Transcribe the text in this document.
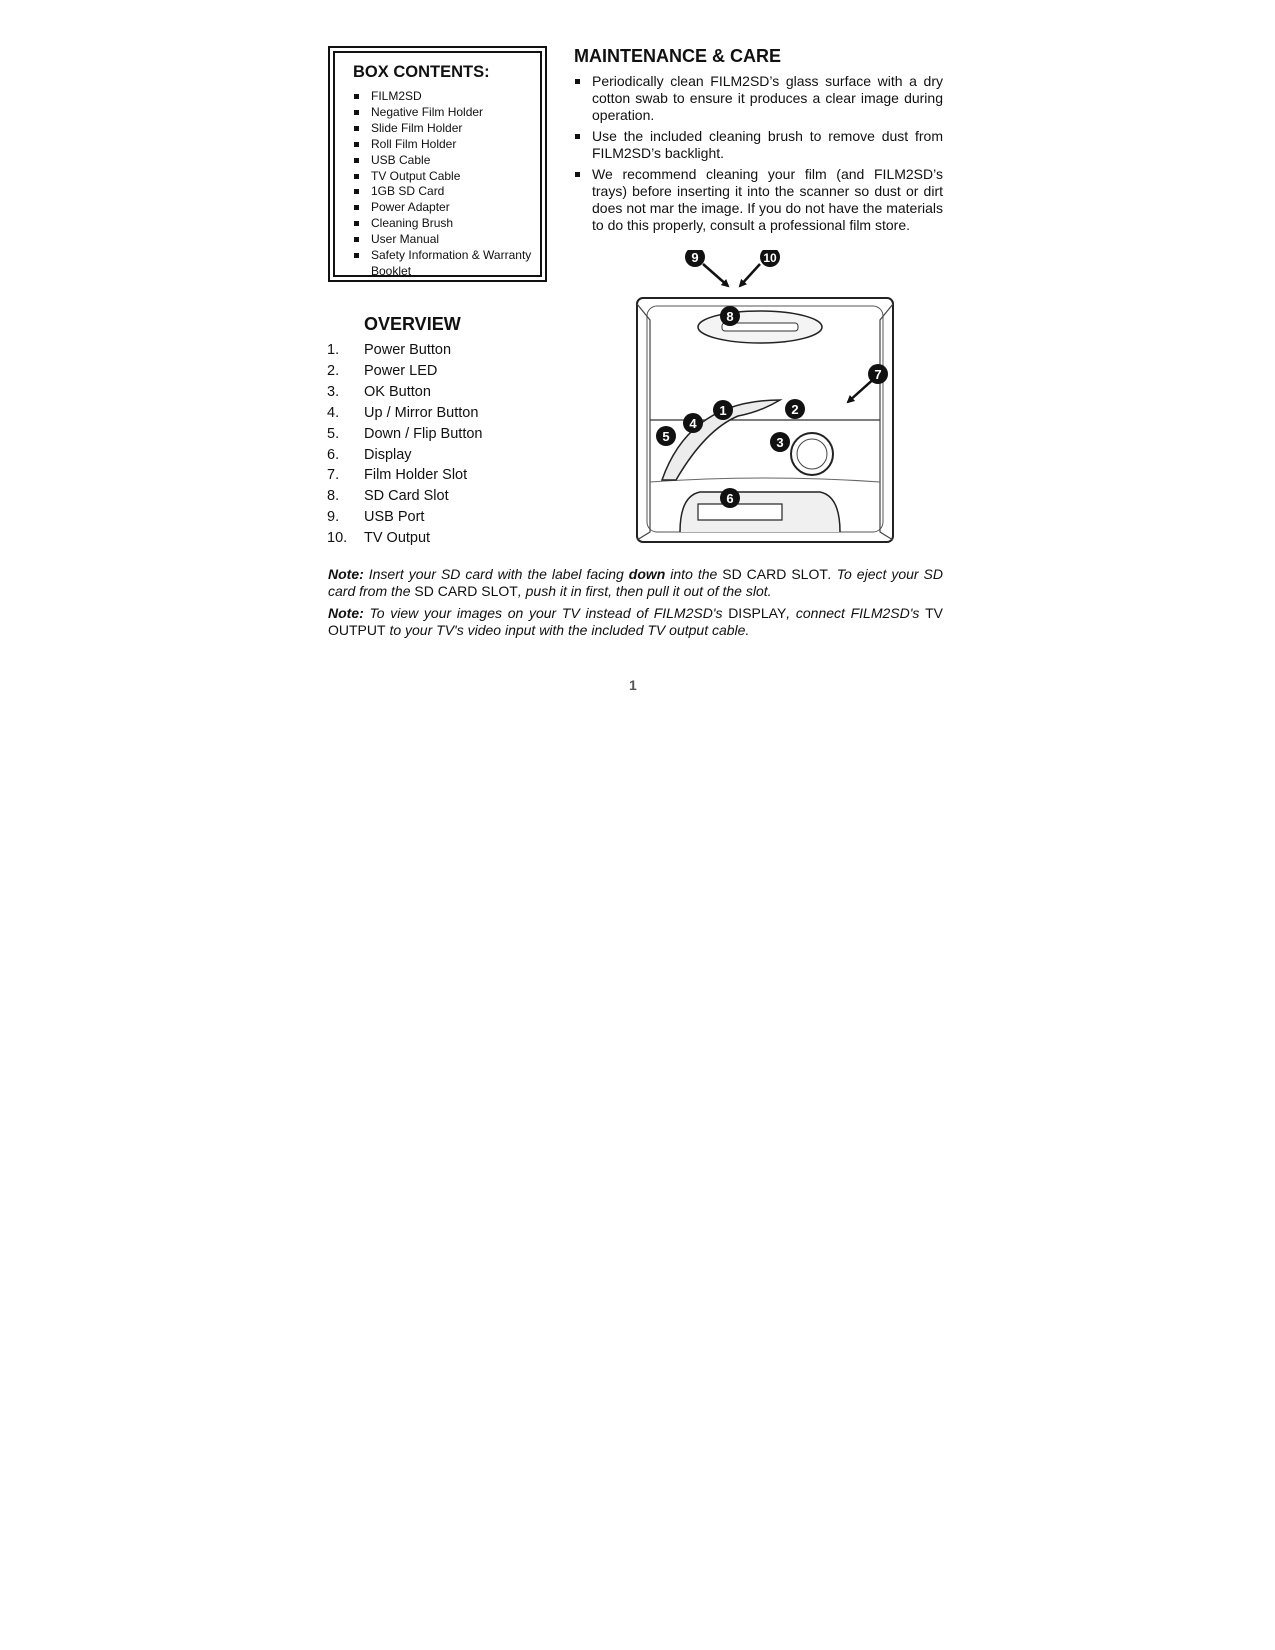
BOX CONTENTS:
FILM2SD
Negative Film Holder
Slide Film Holder
Roll Film Holder
USB Cable
TV Output Cable
1GB SD Card
Power Adapter
Cleaning Brush
User Manual
Safety Information & Warranty Booklet
MAINTENANCE & CARE
Periodically clean FILM2SD’s glass surface with a dry cotton swab to ensure it produces a clear image during operation.
Use the included cleaning brush to remove dust from FILM2SD’s backlight.
We recommend cleaning your film (and FILM2SD’s trays) before inserting it into the scanner so dust or dirt does not mar the image. If you do not have the materials to do this properly, consult a professional film store.
OVERVIEW
1.	Power Button
2.	Power LED
3.	OK Button
4.	Up / Mirror Button
5.	Down / Flip Button
6.	Display
7.	Film Holder Slot
8.	SD Card Slot
9.	USB Port
10.	TV Output
1	2
3
4
5
6
7
8
9	10

Note: Insert your SD card with the label facing down into the SD CARD SLOT. To eject your SD card from the SD CARD SLOT, push it in first, then pull it out of the slot.

Note: To view your images on your TV instead of FILM2SD's DISPLAY, connect FILM2SD's TV OUTPUT to your TV's video input with the included TV output cable.

1
